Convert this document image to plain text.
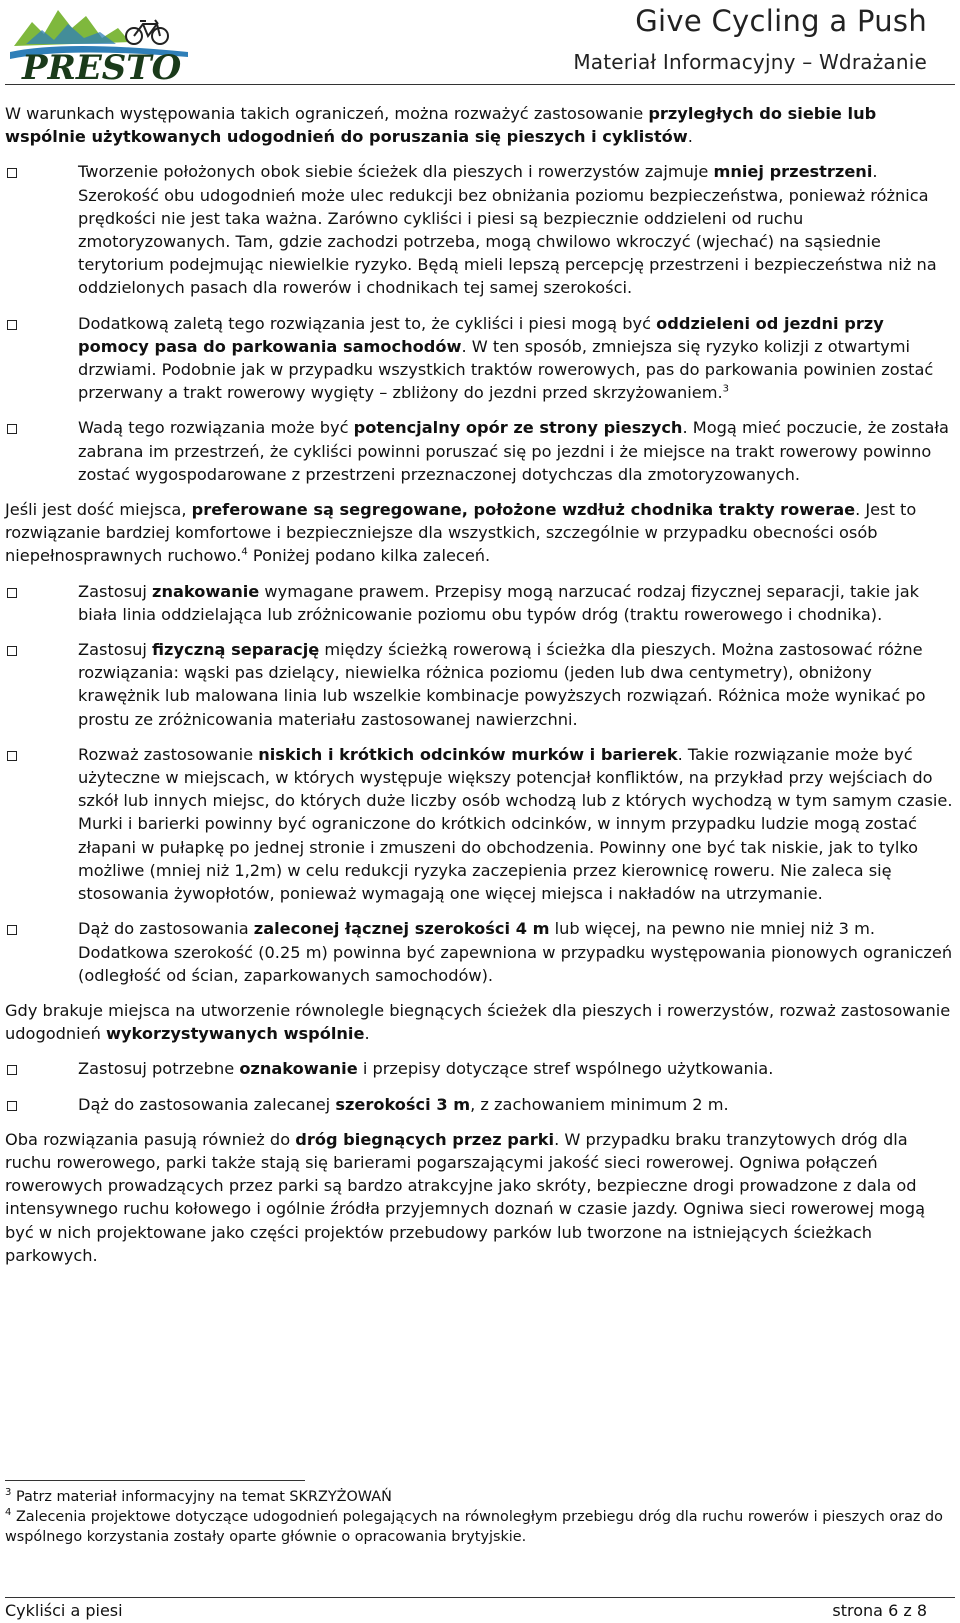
PRESTO
Give Cycling a Push
Materiał Informacyjny – Wdrażanie

W warunkach występowania takich ograniczeń, można rozważyć zastosowanie przyległych do siebie lub wspólnie użytkowanych udogodnień do poruszania się pieszych i cyklistów.

Tworzenie położonych obok siebie ścieżek dla pieszych i rowerzystów zajmuje mniej przestrzeni. Szerokość obu udogodnień może ulec redukcji bez obniżania poziomu bezpieczeństwa, ponieważ różnica prędkości nie jest taka ważna. Zarówno cykliści i piesi są bezpiecznie oddzieleni od ruchu zmotoryzowanych. Tam, gdzie zachodzi potrzeba, mogą chwilowo wkroczyć (wjechać) na sąsiednie terytorium podejmując niewielkie ryzyko. Będą mieli lepszą percepcję przestrzeni i bezpieczeństwa niż na oddzielonych pasach dla rowerów i chodnikach tej samej szerokości.
Dodatkową zaletą tego rozwiązania jest to, że cykliści i piesi mogą być oddzieleni od jezdni przy pomocy pasa do parkowania samochodów. W ten sposób, zmniejsza się ryzyko kolizji z otwartymi drzwiami. Podobnie jak w przypadku wszystkich traktów rowerowych, pas do parkowania powinien zostać przerwany a trakt rowerowy wygięty – zbliżony do jezdni przed skrzyżowaniem.$^3$
Wadą tego rozwiązania może być potencjalny opór ze strony pieszych. Mogą mieć poczucie, że została zabrana im przestrzeń, że cykliści powinni poruszać się po jezdni i że miejsce na trakt rowerowy powinno zostać wygospodarowane z przestrzeni przeznaczonej dotychczas dla zmotoryzowanych.

Jeśli jest dość miejsca, preferowane są segregowane, położone wzdłuż chodnika trakty rowerae. Jest to rozwiązanie bardziej komfortowe i bezpieczniejsze dla wszystkich, szczególnie w przypadku obecności osób niepełnosprawnych ruchowo.$^4$ Poniżej podano kilka zaleceń.

Zastosuj znakowanie wymagane prawem. Przepisy mogą narzucać rodzaj fizycznej separacji, takie jak biała linia oddzielająca lub zróżnicowanie poziomu obu typów dróg (traktu rowerowego i chodnika).
Zastosuj fizyczną separację między ścieżką rowerową i ścieżka dla pieszych. Można zastosować różne rozwiązania: wąski pas dzielący, niewielka różnica poziomu (jeden lub dwa centymetry), obniżony krawężnik lub malowana linia lub wszelkie kombinacje powyższych rozwiązań. Różnica może wynikać po prostu ze zróżnicowania materiału zastosowanej nawierzchni.
Rozważ zastosowanie niskich i krótkich odcinków murków i barierek. Takie rozwiązanie może być użyteczne w miejscach, w których występuje większy potencjał konfliktów, na przykład przy wejściach do szkół lub innych miejsc, do których duże liczby osób wchodzą lub z których wychodzą w tym samym czasie. Murki i barierki powinny być ograniczone do krótkich odcinków, w innym przypadku ludzie mogą zostać złapani w pułapkę po jednej stronie i zmuszeni do obchodzenia. Powinny one być tak niskie, jak to tylko możliwe (mniej niż 1,2m) w celu redukcji ryzyka zaczepienia przez kierownicę roweru. Nie zaleca się stosowania żywopłotów, ponieważ wymagają one więcej miejsca i nakładów na utrzymanie.
Dąż do zastosowania zaleconej łącznej szerokości 4 m lub więcej, na pewno nie mniej niż 3 m. Dodatkowa szerokość (0.25 m) powinna być zapewniona w przypadku występowania pionowych ograniczeń (odległość od ścian, zaparkowanych samochodów).

Gdy brakuje miejsca na utworzenie równolegle biegnących ścieżek dla pieszych i rowerzystów, rozważ zastosowanie udogodnień wykorzystywanych wspólnie.

Zastosuj potrzebne oznakowanie i przepisy dotyczące stref wspólnego użytkowania.
Dąż do zastosowania zalecanej szerokości 3 m, z zachowaniem minimum 2 m.

Oba rozwiązania pasują również do dróg biegnących przez parki. W przypadku braku tranzytowych dróg dla ruchu rowerowego, parki także stają się barierami pogarszającymi jakość sieci rowerowej. Ogniwa połączeń rowerowych prowadzących przez parki są bardzo atrakcyjne jako skróty, bezpieczne drogi prowadzone z dala od intensywnego ruchu kołowego i ogólnie źródła przyjemnych doznań w czasie jazdy. Ogniwa sieci rowerowej mogą być w nich projektowane jako części projektów przebudowy parków lub tworzone na istniejących ścieżkach parkowych.

$^3$ Patrz materiał informacyjny na temat SKRZYŻOWAŃ
$^4$ Zalecenia projektowe dotyczące udogodnień polegających na równoległym przebiegu dróg dla ruchu rowerów i pieszych oraz do wspólnego korzystania zostały oparte głównie o opracowania brytyjskie.
Cykliści a piesi	strona 6 z 8
